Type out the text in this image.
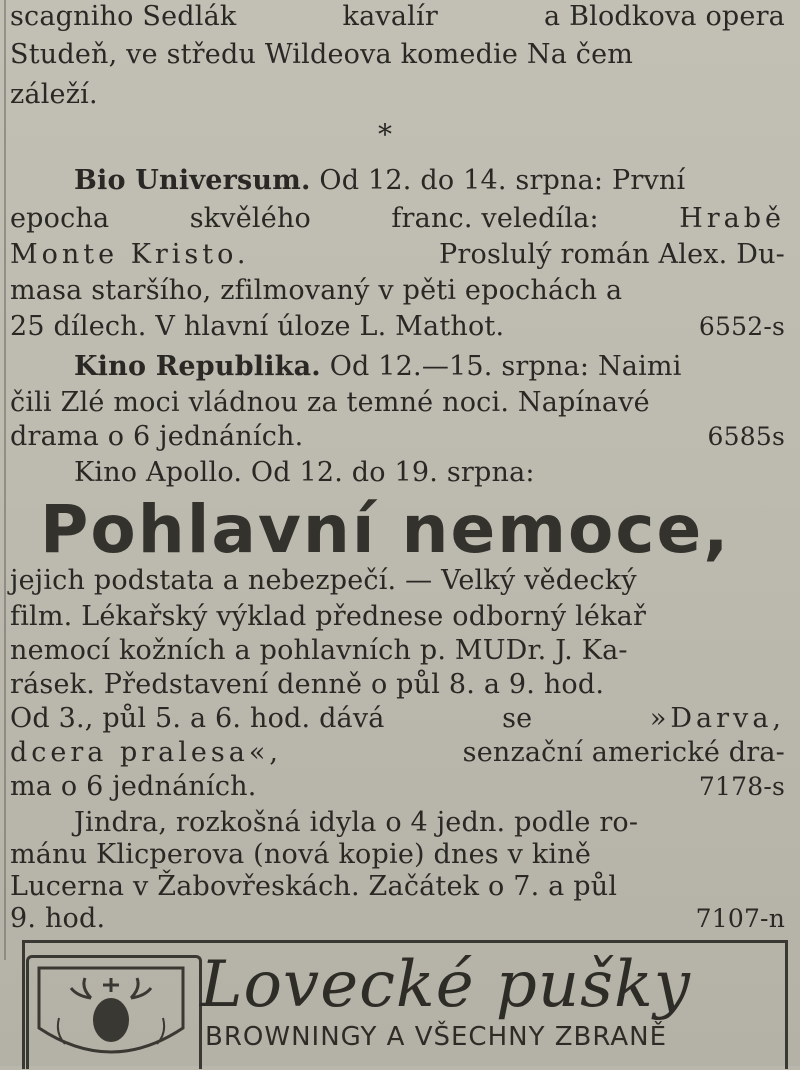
scagniho Sedlák	kavalír	a Blodkova opera
Studeň, ve středu Wildeova komedie Na čem
záleží.
*
Bio Universum. Od 12. do 14. srpna: První
epocha	skvělého	franc. veledíla:	Hrabě
Monte Kristo.	Proslulý román Alex. Du-
masa staršího, zfilmovaný v pěti epochách a
25 dílech. V hlavní úloze L. Mathot.	6552-s
Kino Republika. Od 12.—15. srpna: Naimi
čili Zlé moci vládnou za temné noci. Napínavé
drama o 6 jednáních.	6585s
Kino Apollo. Od 12. do 19. srpna:
Pohlavní nemoce,
jejich podstata a nebezpečí. — Velký vědecký
film. Lékařský výklad přednese odborný lékař
nemocí kožních a pohlavních p. MUDr. J. Ka-
rásek. Představení denně o půl 8. a 9. hod.
Od 3., půl 5. a 6. hod. dává	se	»Darva,
dcera pralesa«,	senzační americké dra-
ma o 6 jednáních.	7178-s
Jindra, rozkošná idyla o 4 jedn. podle ro-
mánu Klicperova (nová kopie) dnes v kině
Lucerna v Žabovřeskách. Začátek o 7. a půl
9. hod.	7107-n
Lovecké pušky
BROWNINGY A VŠECHNY ZBRANĚ
